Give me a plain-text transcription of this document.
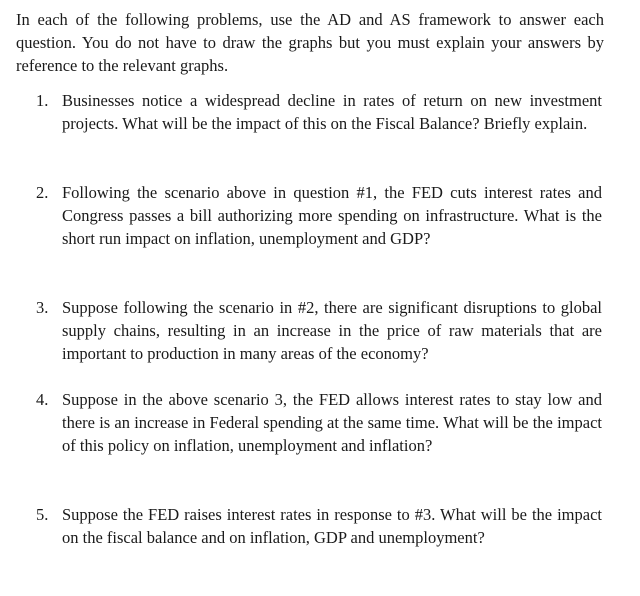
In each of the following problems, use the AD and AS framework to answer each question. You do not have to draw the graphs but you must explain your answers by reference to the relevant graphs.

1. Businesses notice a widespread decline in rates of return on new investment projects. What will be the impact of this on the Fiscal Balance? Briefly explain.
2. Following the scenario above in question #1, the FED cuts interest rates and Congress passes a bill authorizing more spending on infrastructure. What is the short run impact on inflation, unemployment and GDP?
3. Suppose following the scenario in #2, there are significant disruptions to global supply chains, resulting in an increase in the price of raw materials that are important to production in many areas of the economy?
4. Suppose in the above scenario 3, the FED allows interest rates to stay low and there is an increase in Federal spending at the same time. What will be the impact of this policy on inflation, unemployment and inflation?
5. Suppose the FED raises interest rates in response to #3. What will be the impact on the fiscal balance and on inflation, GDP and unemployment?
